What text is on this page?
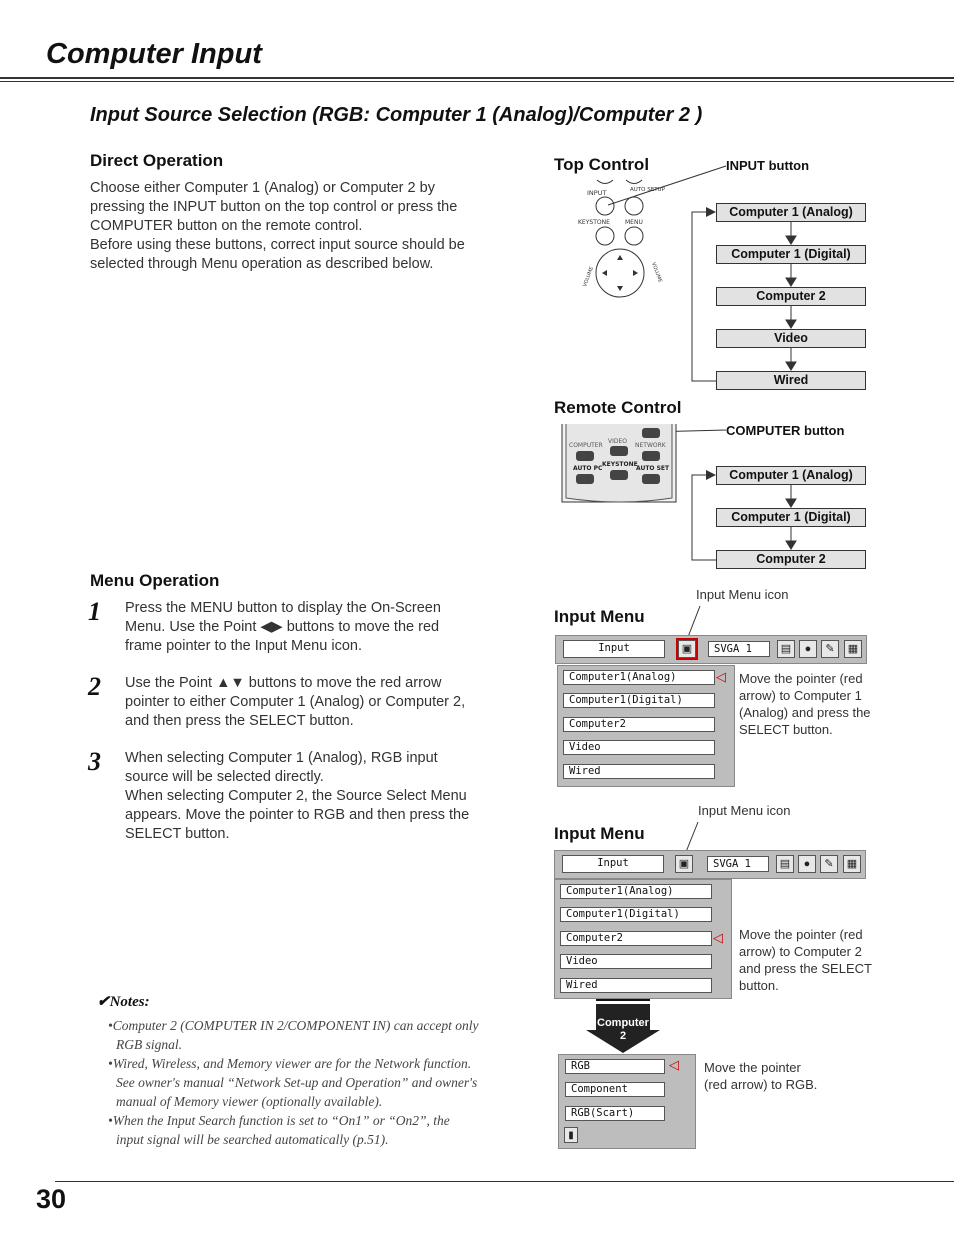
Computer Input
Input Source Selection (RGB: Computer 1 (Analog)/Computer 2 )
Direct Operation
Choose either Computer 1 (Analog) or Computer 2 by
pressing the INPUT button on the top control or press the
COMPUTER button on the remote control.
Before using these buttons, correct input source should be
selected through Menu operation as described below.
Top Control	INPUT button
INPUT	AUTO SETUP
KEYSTONE	MENU
VOLUME	VOLUME
Computer 1 (Analog)
Computer 1 (Digital)
Computer 2
Video
Wired
Remote Control
COMPUTER button
COMPUTER
VIDEO
NETWORK
AUTO PC
KEYSTONE
AUTO SET	Computer 1 (Analog)
Computer 1 (Digital)
Computer 2
Menu Operation
1 Press the MENU button to display the On-Screen
Menu. Use the Point ◀▶ buttons to move the red
frame pointer to the Input Menu icon.
2 Use the Point ▲▼ buttons to move the red arrow
pointer to either Computer 1 (Analog) or Computer 2,
and then press the SELECT button.
3 When selecting Computer 1 (Analog), RGB input
source will be selected directly.
When selecting Computer 2, the Source Select Menu
appears. Move the pointer to RGB and then press the
SELECT button.
Input Menu
Input Menu icon
Input	▣	SVGA 1	▤	●	✎	▦
Computer1(Analog)
Computer1(Digital)
Computer2
Video
Wired
◁ Move the pointer (red
arrow) to Computer 1
(Analog) and press the
SELECT button.
Input Menu
Input Menu icon
Input	▣	SVGA 1	▤	●	✎	▦
Computer1(Analog)
Computer1(Digital)
Computer2
Video
Wired
◁ Move the pointer (red
arrow) to Computer 2
and press the SELECT
button.
Computer
2
RGB
Component
RGB(Scart)
◁
▮
Move the pointer
(red arrow) to RGB.
✔Notes:
•Computer 2 (COMPUTER IN 2/COMPONENT IN) can accept only
RGB signal.
•Wired, Wireless, and Memory viewer are for the Network function.
See owner's manual “Network Set-up and Operation” and owner's
manual of Memory viewer (optionally available).
•When the Input Search function is set to “On1” or “On2”, the
input signal will be searched automatically (p.51).
30
